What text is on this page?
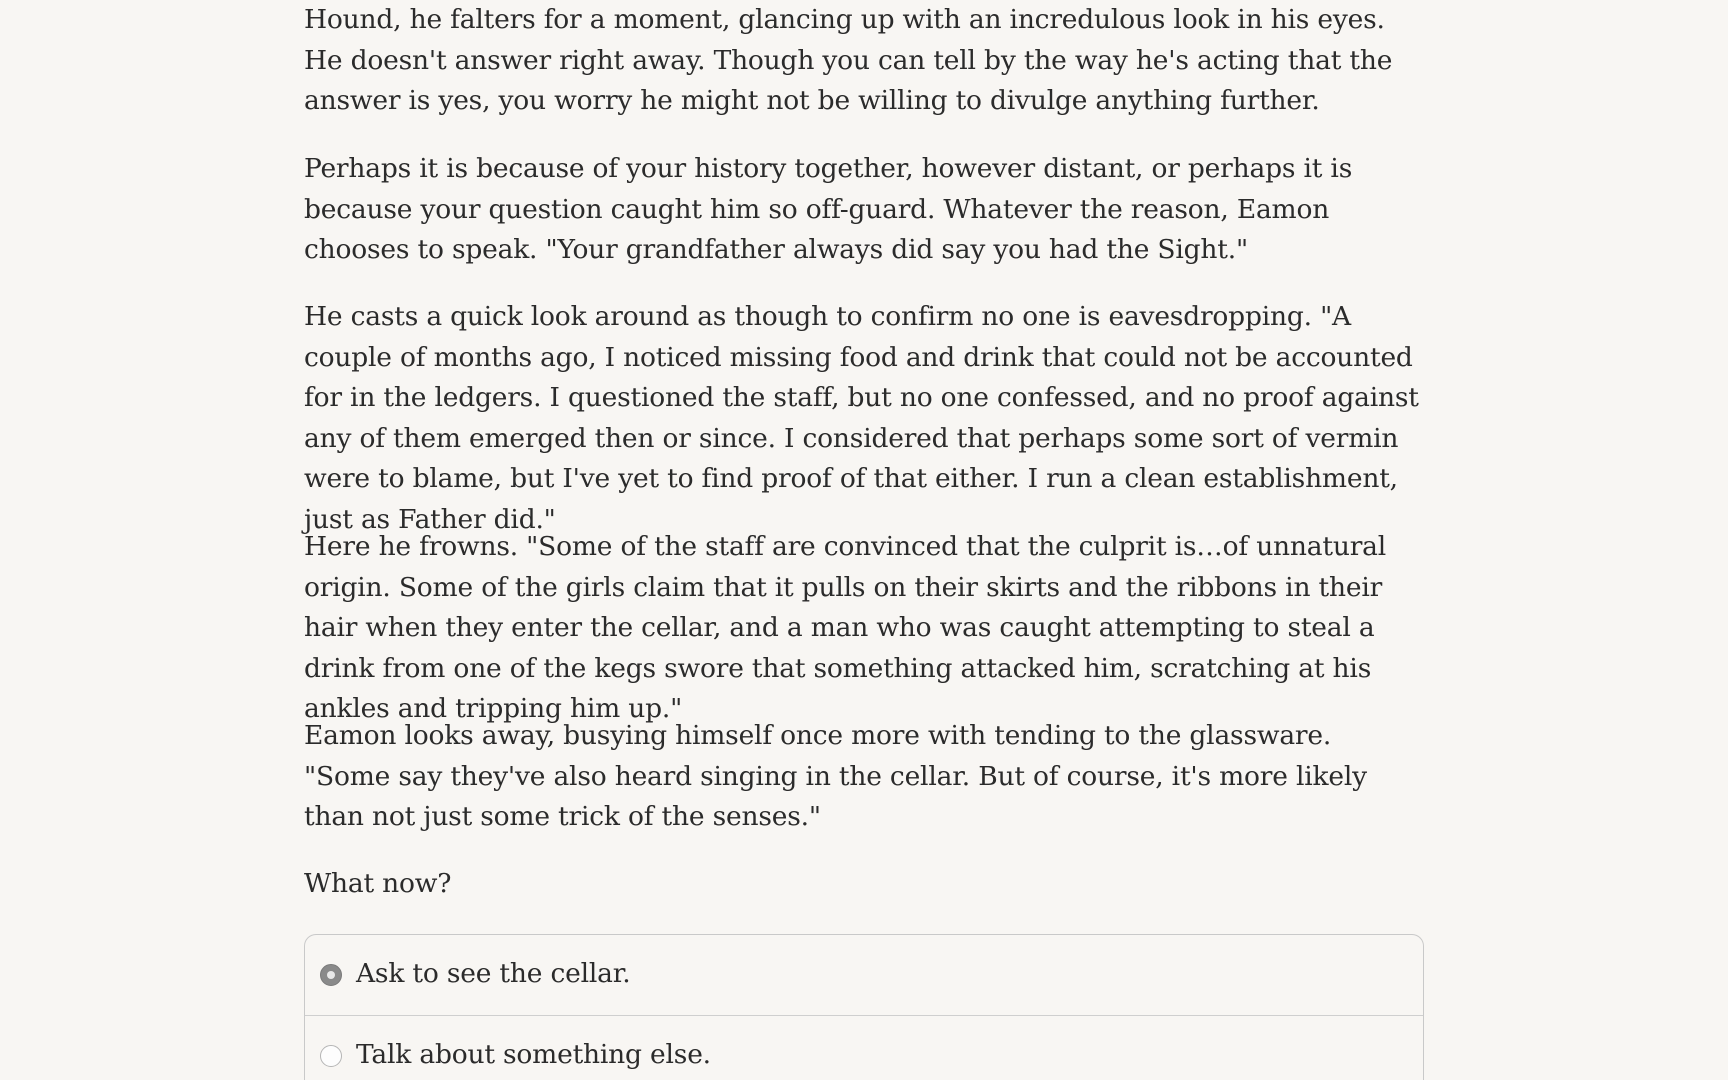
Hound, he falters for a moment, glancing up with an incredulous look in his eyes. He doesn't answer right away. Though you can tell by the way he's acting that the answer is yes, you worry he might not be willing to divulge anything further.

Perhaps it is because of your history together, however distant, or perhaps it is because your question caught him so off-guard. Whatever the reason, Eamon chooses to speak. "Your grandfather always did say you had the Sight."

He casts a quick look around as though to confirm no one is eavesdropping. "A couple of months ago, I noticed missing food and drink that could not be accounted for in the ledgers. I questioned the staff, but no one confessed, and no proof against any of them emerged then or since. I considered that perhaps some sort of vermin were to blame, but I've yet to find proof of that either. I run a clean establishment, just as Father did."

Here he frowns. "Some of the staff are convinced that the culprit is…of unnatural origin. Some of the girls claim that it pulls on their skirts and the ribbons in their hair when they enter the cellar, and a man who was caught attempting to steal a drink from one of the kegs swore that something attacked him, scratching at his ankles and tripping him up."

Eamon looks away, busying himself once more with tending to the glassware. "Some say they've also heard singing in the cellar. But of course, it's more likely than not just some trick of the senses."

What now?

Ask to see the cellar.
Talk about something else.
